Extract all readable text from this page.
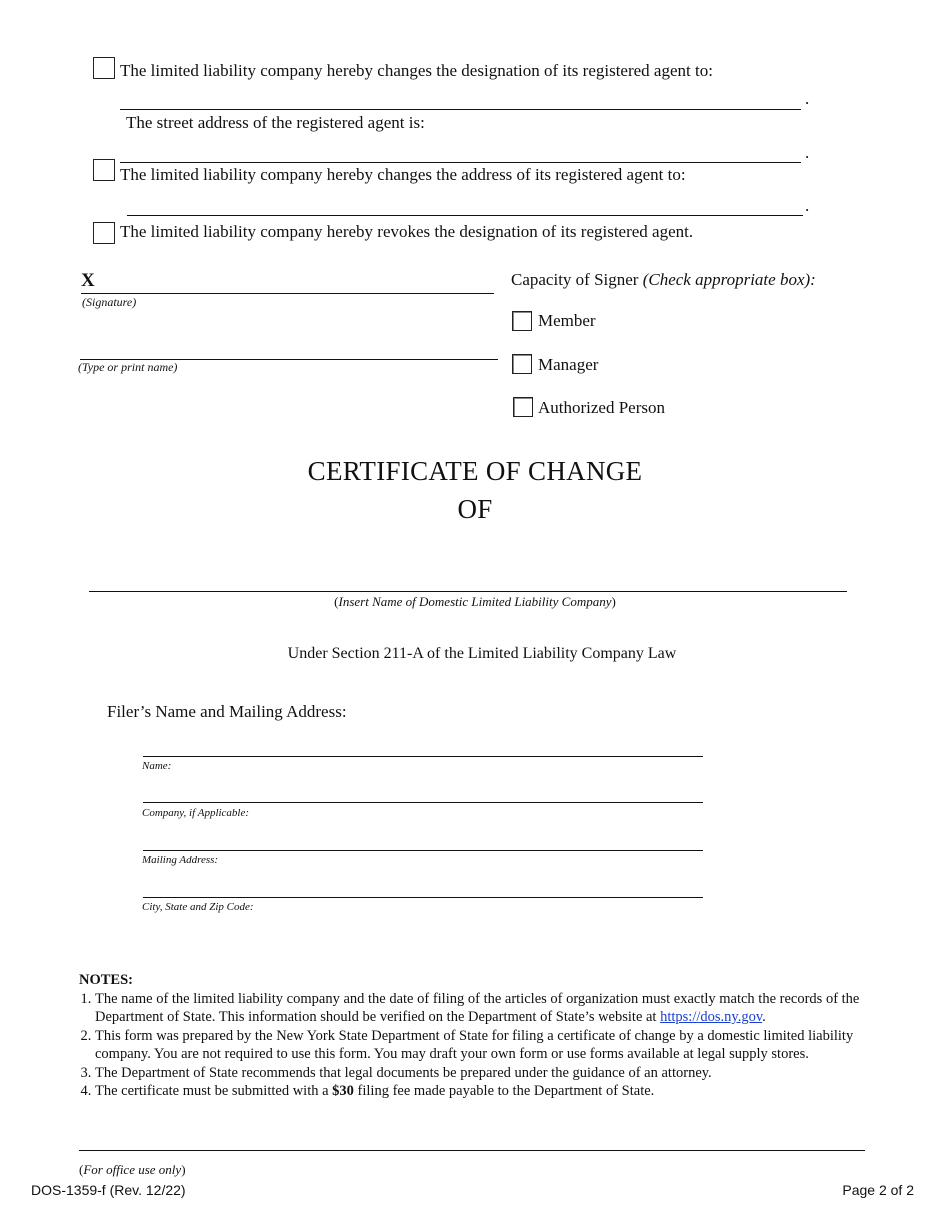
The limited liability company hereby changes the designation of its registered agent to:
.
The street address of the registered agent is:
.
The limited liability company hereby changes the address of its registered agent to:
.
The limited liability company hereby revokes the designation of its registered agent.
X
(Signature)
(Type or print name)
Capacity of Signer (Check appropriate box):
Member
Manager
Authorized Person
CERTIFICATE OF CHANGE
OF
(Insert Name of Domestic Limited Liability Company)
Under Section 211-A of the Limited Liability Company Law
Filer’s Name and Mailing Address:
Name:
Company, if Applicable:
Mailing Address:
City, State and Zip Code:
NOTES:
1. The name of the limited liability company and the date of filing of the articles of organization must exactly match the records of the Department of State. This information should be verified on the Department of State’s website at https://dos.ny.gov.
2. This form was prepared by the New York State Department of State for filing a certificate of change by a domestic limited liability company. You are not required to use this form. You may draft your own form or use forms available at legal supply stores.
3. The Department of State recommends that legal documents be prepared under the guidance of an attorney.
4. The certificate must be submitted with a $30 filing fee made payable to the Department of State.
(For office use only)
DOS-1359-f (Rev. 12/22)	Page 2 of 2
